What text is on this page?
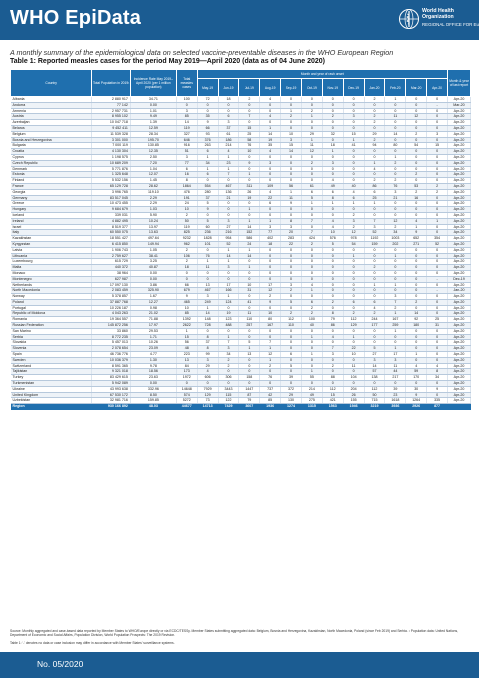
WHO EpiData	World Health
Organization
REGIONAL OFFICE FOR Europe
A monthly summary of the epidemiological data on selected vaccine-preventable diseases in the WHO European Region
Table 1: Reported measles cases for the period May 2019—April 2020 (data as of 04 June 2020)
Country	Total Population in 2019¹	Incidence Rate May 2019–April 2020 (per 1 million population)	Total measles cases	Month and year of rash onset												Month & year of last report
				May-19	Jun-19	Jul-19	Aug-19	Sep-19	Oct-19	Nov-19	Dec-19	Jan-20	Feb-20	Mar-20	Apr-20	
Albania	2 880 917	34.71	100	72	18	2	4	0	0	0	0	2	1	0	0	Apr-20
Andorra	77 142	0.00	0	0	0	0	0	0	0	0	0	0	0	0	-	Mar-20
Armenia	2 957 731	1.01	3	0	0	0	0	1	2	0	0	0	0	0	0	Apr-20
Austria	8 955 102	9.49	85	35	6	7	4	2	1	2	3	2	11	12	0	Apr-20
Azerbaijan	10 047 718	1.39	14	9	3	0	0	0	0	0	0	2	0	0	0	Apr-20
Belarus	9 452 411	12.59	119	66	37	15	1	0	0	0	0	0	0	0	0	Apr-20
Belgium	11 539 328	28.34	327	93	61	25	14	10	29	32	15	29	14	2	3	Apr-20
Bosnia and Herzegovina	3 301 000	195.70	646	376	186	58	19	3	1	0	1	2	0	0	0	Apr-20
Bulgaria	7 000 119	130.85	916	263	214	76	35	15	11	18	41	94	80	54	15	Apr-20
Croatia	4 130 304	12.35	51	6	4	10	4	14	12	1	0	0	0	0	0	Apr-20
Cyprus	1 198 575	2.50	3	1	1	0	0	0	0	0	0	0	1	0	0	Apr-20
Czech Republic	10 689 209	7.20	77	34	23	9	3	0	2	3	0	1	2	0	0	Apr-20
Denmark	5 771 876	1.04	6	1	1	0	0	0	0	0	0	4	0	0	0	Apr-20
Estonia	1 325 648	12.07	16	6	7	1	0	0	0	0	0	0	0	2	0	Apr-20
Finland	5 532 156	1.45	8	0	0	0	0	0	0	4	0	2	2	0	0	Apr-20
France	65 129 728	28.62	1864	554	467	311	109	56	61	49	40	86	76	53	2	Apr-20
Georgia	3 996 765	119.10	476	280	136	26	4	1	6	6	4	6	3	2	2	Apr-20
Germany	83 517 045	2.29	191	37	21	19	22	11	5	8	6	25	21	16	0	Apr-20
Greece	10 473 455	2.29	24	5	0	0	6	9	1	1	1	1	0	0	0	Apr-20
Hungary	9 684 679	1.03	10	9	0	1	0	0	0	0	0	0	0	0	0	Apr-20
Iceland	339 031	5.90	2	0	0	0	0	0	0	0	2	0	0	0	0	Apr-20
Ireland	4 882 495	10.24	50	5	3	1	1	8	7	4	3	7	12	4	1	Apr-20
Israel	8 519 377	13.97	119	60	27	14	3	3	0	4	2	3	2	1	0	Apr-20
Italy	60 550 075	13.63	825	236	216	152	77	20	7	10	12	52	34	9	0	Apr-20
Kazakhstan	18 551 427	497.64	9232	1828	954	586	402	283	424	576	978	1192	1003	652	354	Apr-20
Kyrgyzstan	6 415 850	149.94	962	101	52	24	18	22	2	5	54	159	202	271	52	Apr-20
Latvia	1 906 743	1.05	2	0	1	1	0	0	0	0	0	0	0	0	0	Apr-20
Lithuania	2 759 627	38.41	106	76	14	14	0	0	0	0	1	0	1	0	0	Apr-20
Luxembourg	615 729	3.25	2	1	1	0	0	0	0	0	0	0	0	0	0	Apr-20
Malta	440 372	40.87	18	11	3	1	0	0	0	0	0	2	0	0	0	Apr-20
Monaco	38 964	0.00	0	0	0	0	0	0	0	0	0	0	0	0	0	Apr-20
Montenegro	627 987	0.00	0	0	0	0	0	0	0	0	0	0	0	0	-	Dec-19
Netherlands	17 097 130	3.86	66	13	17	10	17	3	4	0	0	1	1	0	0	Apr-20
North Macedonia	2 083 459	325.90	679	467	166	31	12	2	1	0	0	0	0	0	-	Jan-20
Norway	5 378 857	1.67	9	3	1	0	2	0	0	0	0	0	3	0	0	Apr-20
Poland	37 887 768	12.27	465	249	124	41	9	5	6	2	6	6	7	2	0	Apr-20
Portugal	10 226 187	0.98	10	1	0	0	0	0	2	0	0	4	2	0	0	Apr-20
Republic of Moldova	4 043 263	21.02	85	14	19	11	10	2	2	8	2	2	1	14	0	Apr-20
Romania	19 364 557	71.88	1392	148	123	110	80	112	100	79	112	244	167	92	25	Apr-20
Russian Federation	145 872 256	17.97	2622	728	488	257	167	110	40	86	129	177	259	180	31	Apr-20
San Marino	33 860	29.53	1	0	0	0	0	0	0	0	0	0	1	0	0	Apr-20
Serbia	8 772 235	1.71	15	8	1	0	0	0	1	4	1	0	0	0	0	Apr-20
Slovakia	5 457 013	10.26	56	37	7	5	7	0	0	0	0	0	0	0	0	Apr-20
Slovenia	2 078 654	23.09	48	8	3	1	1	0	0	7	22	5	1	0	0	Apr-20
Spain	46 736 776	4.77	223	99	34	13	12	6	1	3	10	27	17	1	0	Apr-20
Sweden	10 036 379	1.30	13	3	2	0	1	0	0	0	0	3	3	0	0	Apr-20
Switzerland	8 591 365	9.78	84	29	2	0	2	5	0	2	11	14	11	4	4	Apr-20
Tajikistan	9 321 018	18.56	173	4	0	0	0	0	1	0	0	57	44	59	8	Apr-20
Turkey	83 429 615	23.63	1972	606	306	158	76	39	55	88	104	138	217	170	34	Apr-20
Turkmenistan	5 942 089	0.00	0	0	0	0	0	0	0	0	0	0	0	0	0	Apr-20
Ukraine	43 993 638	332.96	14648	7929	3443	1447	737	372	214	112	204	112	39	30	9	Apr-20
United Kingdom	67 530 172	8.50	574	129	115	87	42	29	49	15	26	50	23	9	0	Apr-20
Uzbekistan	32 981 716	159.85	5272	73	122	79	85	130	275	421	155	715	1618	1264	335	Apr-20
Region	930 166 892	48.03	44677	14713	7429	3607	1936	1274	1315	1563	1946	3219	3936	2926	877	
Source: Monthly aggregated and case-based data reported by Member States to WHO/Europe directly or via ECDC/TESSy. Member States submitting aggregated data: Belgium, Bosnia and Herzegovina, Kazakhstan, North Macedonia, Poland (since Feb 2019) and Serbia. ¹ Population data: United Nations, Department of Economic and Social Affairs, Population Division, World Population Prospects: The 2019 Revision.
Table 1: ‘-’ denotes no data or case inclusion may differ in accordance with Member States’ surveillance systems.
No. 05/2020
